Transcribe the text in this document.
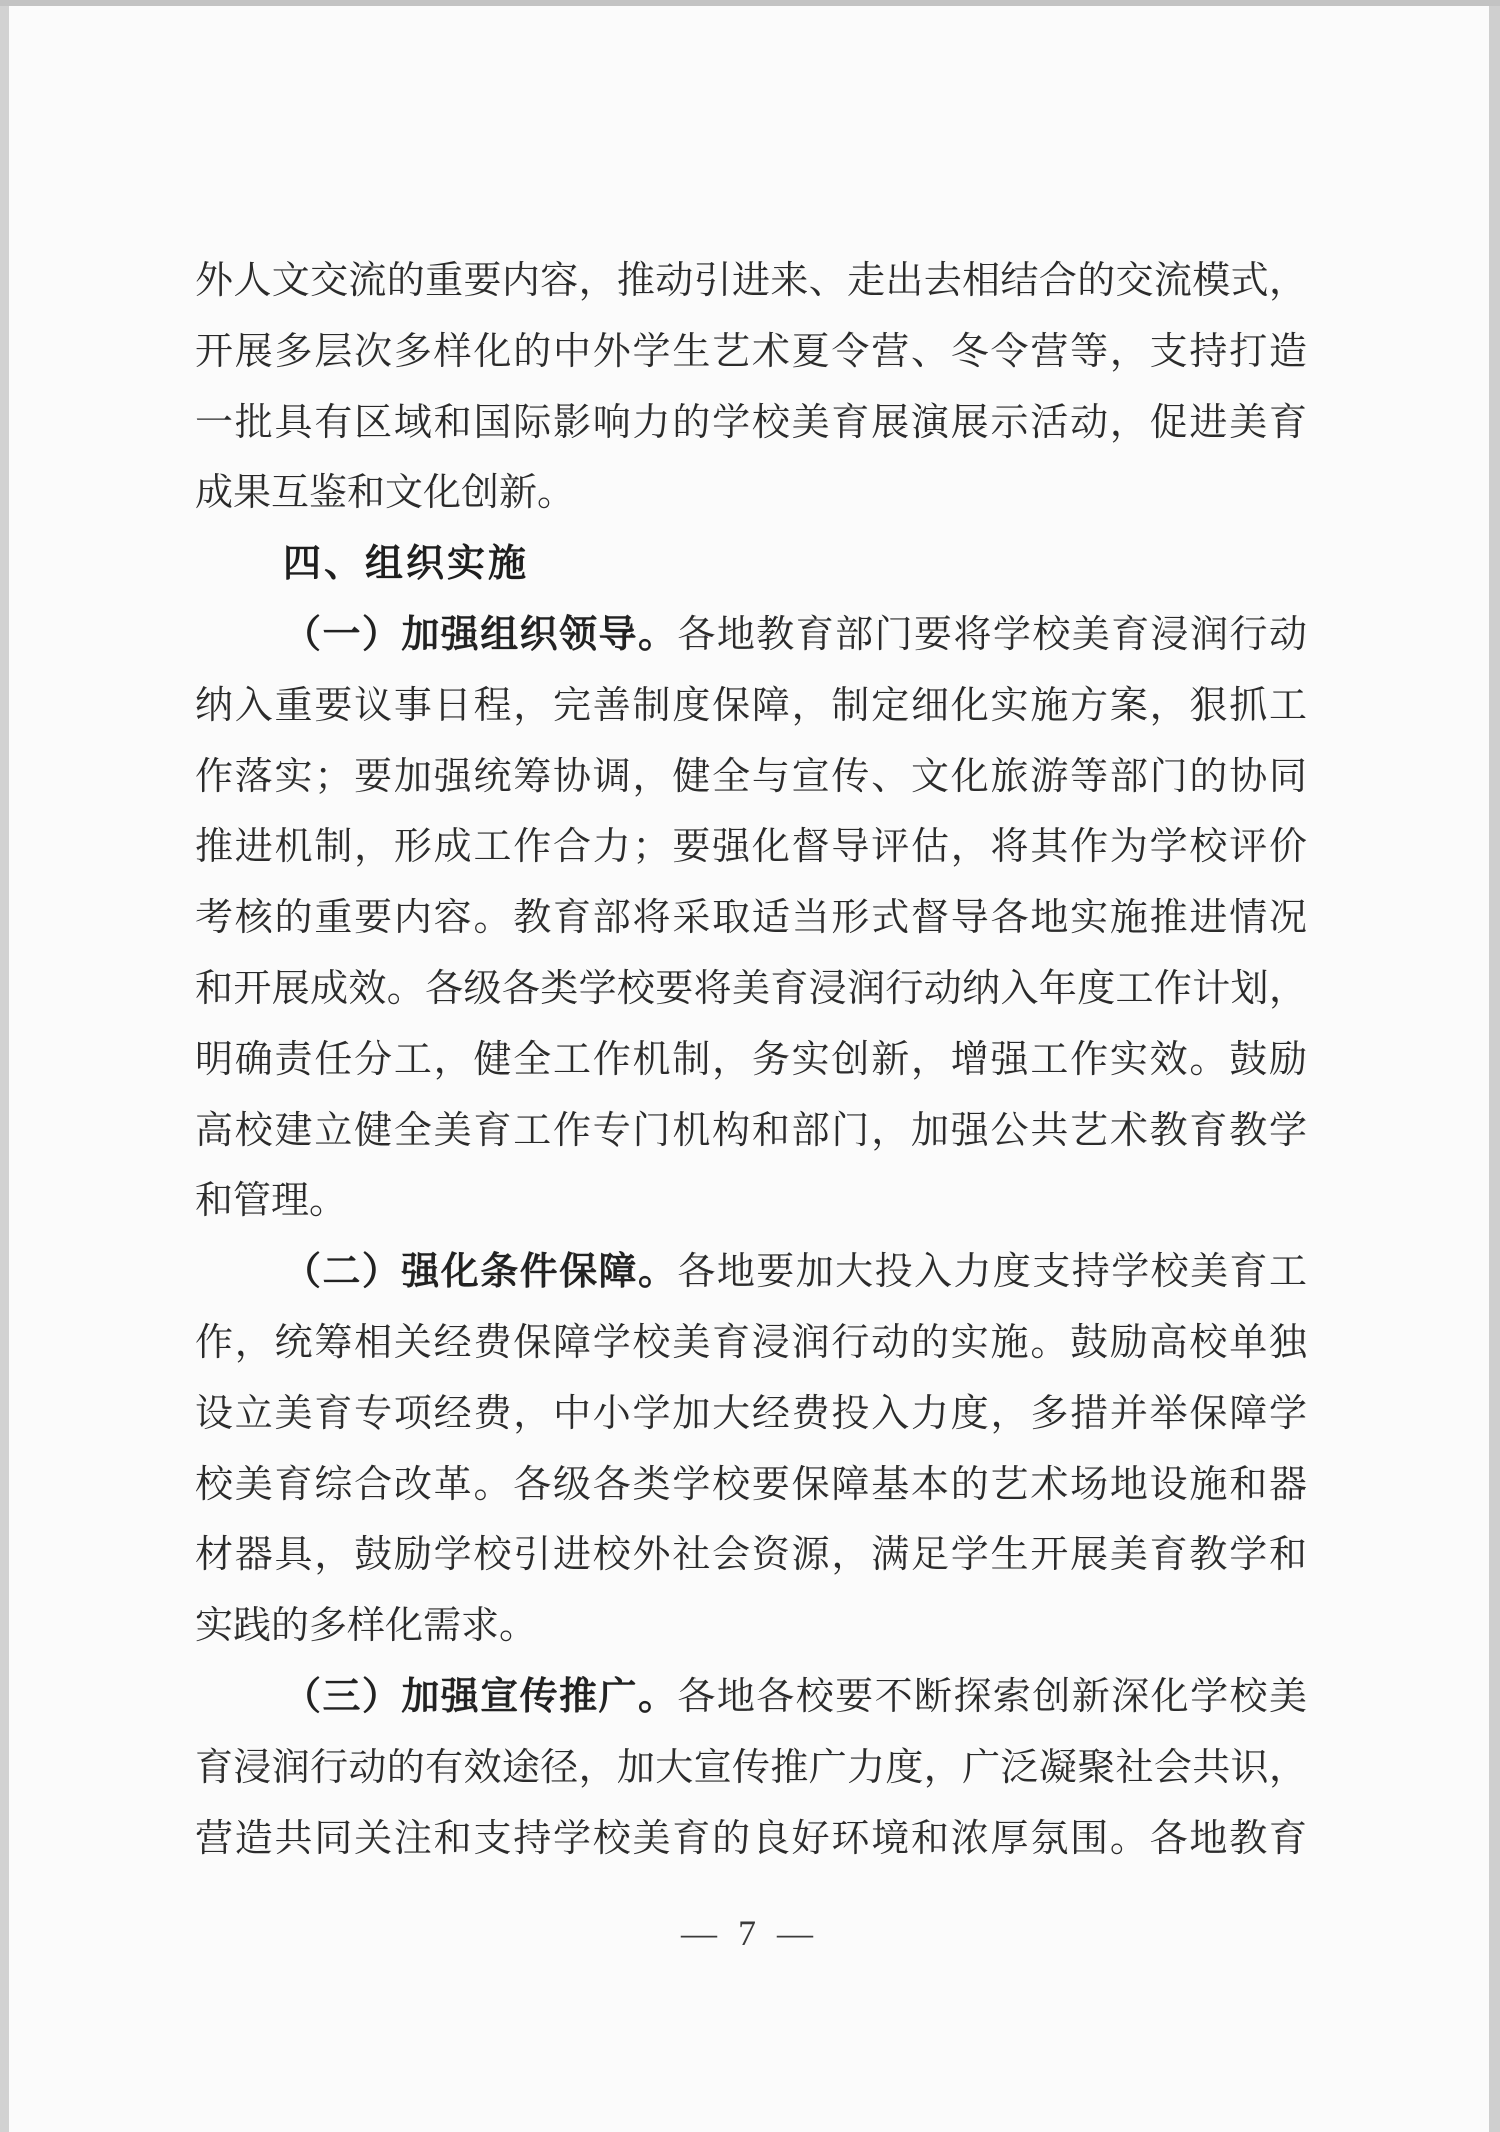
外人文交流的重要内容，推动引进来、走出去相结合的交流模式，
开展多层次多样化的中外学生艺术夏令营、冬令营等，支持打造
一批具有区域和国际影响力的学校美育展演展示活动，促进美育
成果互鉴和文化创新。
四、组织实施
（一）加强组织领导。各地教育部门要将学校美育浸润行动
纳入重要议事日程，完善制度保障，制定细化实施方案，狠抓工
作落实；要加强统筹协调，健全与宣传、文化旅游等部门的协同
推进机制，形成工作合力；要强化督导评估，将其作为学校评价
考核的重要内容。教育部将采取适当形式督导各地实施推进情况
和开展成效。各级各类学校要将美育浸润行动纳入年度工作计划，
明确责任分工，健全工作机制，务实创新，增强工作实效。鼓励
高校建立健全美育工作专门机构和部门，加强公共艺术教育教学
和管理。
（二）强化条件保障。各地要加大投入力度支持学校美育工
作，统筹相关经费保障学校美育浸润行动的实施。鼓励高校单独
设立美育专项经费，中小学加大经费投入力度，多措并举保障学
校美育综合改革。各级各类学校要保障基本的艺术场地设施和器
材器具，鼓励学校引进校外社会资源，满足学生开展美育教学和
实践的多样化需求。
（三）加强宣传推广。各地各校要不断探索创新深化学校美
育浸润行动的有效途径，加大宣传推广力度，广泛凝聚社会共识，
营造共同关注和支持学校美育的良好环境和浓厚氛围。各地教育
— 7 —
